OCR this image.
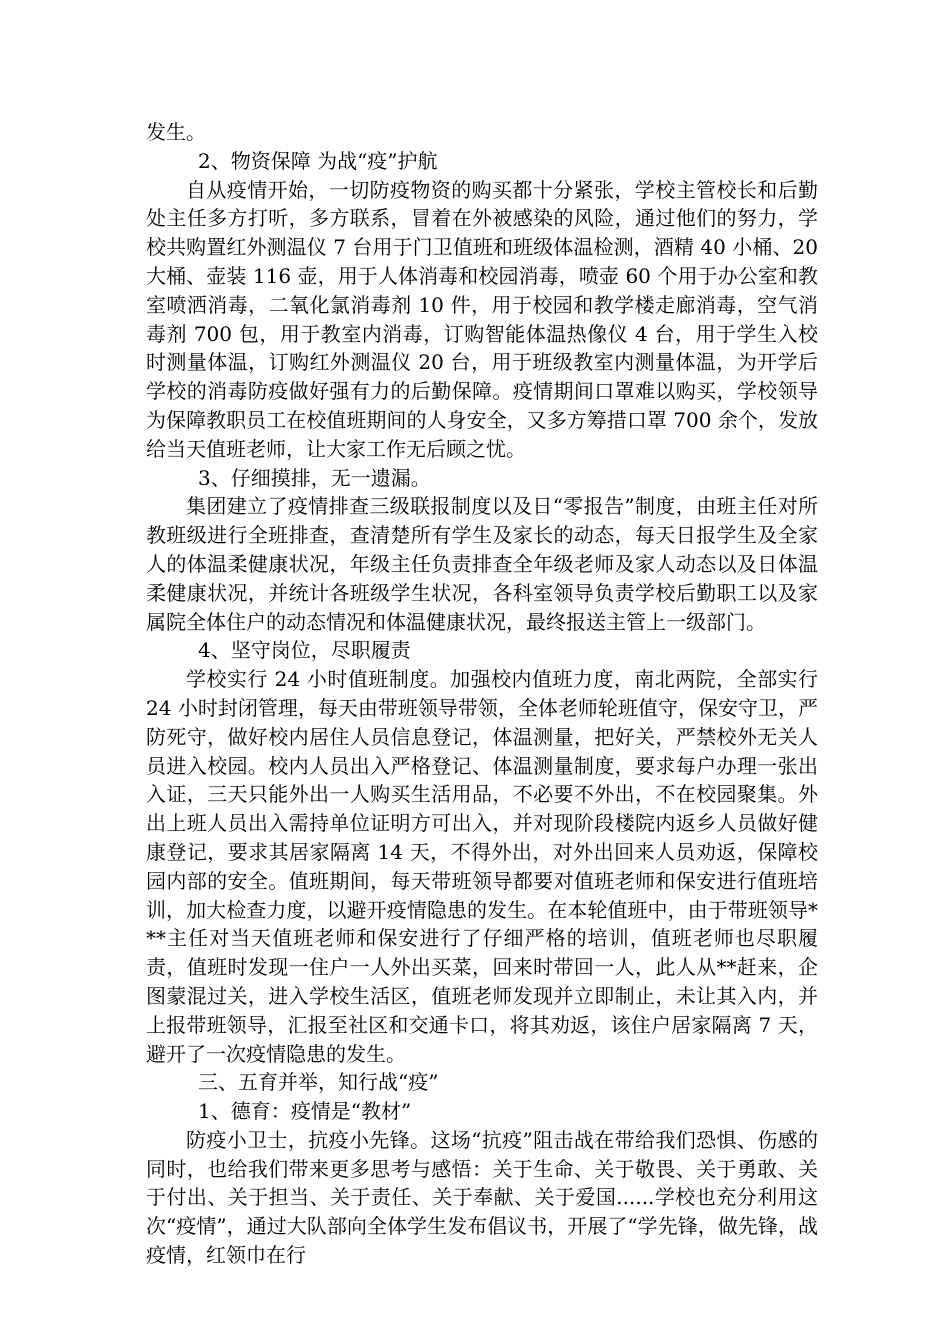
发生。

2、物资保障 为战“疫”护航

自从疫情开始，一切防疫物资的购买都十分紧张，学校主管校长和后勤处主任多方打听，多方联系，冒着在外被感染的风险，通过他们的努力，学校共购置红外测温仪 7 台用于门卫值班和班级体温检测，酒精 40 小桶、20 大桶、壶装 116 壶，用于人体消毒和校园消毒，喷壶 60 个用于办公室和教室喷洒消毒，二氧化氯消毒剂 10 件，用于校园和教学楼走廊消毒，空气消毒剂 700 包，用于教室内消毒，订购智能体温热像仪 4 台，用于学生入校时测量体温，订购红外测温仪 20 台，用于班级教室内测量体温，为开学后学校的消毒防疫做好强有力的后勤保障。疫情期间口罩难以购买，学校领导为保障教职员工在校值班期间的人身安全，又多方筹措口罩 700 余个，发放给当天值班老师，让大家工作无后顾之忧。

3、仔细摸排，无一遗漏。

集团建立了疫情排查三级联报制度以及日“零报告”制度，由班主任对所教班级进行全班排查，查清楚所有学生及家长的动态，每天日报学生及全家人的体温柔健康状况，年级主任负责排查全年级老师及家人动态以及日体温柔健康状况，并统计各班级学生状况，各科室领导负责学校后勤职工以及家属院全体住户的动态情况和体温健康状况，最终报送主管上一级部门。

4、坚守岗位，尽职履责

学校实行 24 小时值班制度。加强校内值班力度，南北两院，全部实行 24 小时封闭管理，每天由带班领导带领，全体老师轮班值守，保安守卫，严防死守，做好校内居住人员信息登记，体温测量，把好关，严禁校外无关人员进入校园。校内人员出入严格登记、体温测量制度，要求每户办理一张出入证，三天只能外出一人购买生活用品，不必要不外出，不在校园聚集。外出上班人员出入需持单位证明方可出入，并对现阶段楼院内返乡人员做好健康登记，要求其居家隔离 14 天，不得外出，对外出回来人员劝返，保障校园内部的安全。值班期间，每天带班领导都要对值班老师和保安进行值班培训，加大检查力度，以避开疫情隐患的发生。在本轮值班中，由于带班领导***主任对当天值班老师和保安进行了仔细严格的培训，值班老师也尽职履责，值班时发现一住户一人外出买菜，回来时带回一人，此人从**赶来，企图蒙混过关，进入学校生活区，值班老师发现并立即制止，未让其入内，并上报带班领导，汇报至社区和交通卡口，将其劝返，该住户居家隔离 7 天，避开了一次疫情隐患的发生。

三、五育并举，知行战“疫”

1、德育：疫情是“教材”

防疫小卫士，抗疫小先锋。这场“抗疫”阻击战在带给我们恐惧、伤感的同时，也给我们带来更多思考与感悟：关于生命、关于敬畏、关于勇敢、关于付出、关于担当、关于责任、关于奉献、关于爱国......学校也充分利用这次“疫情”，通过大队部向全体学生发布倡议书，开展了“学先锋，做先锋，战疫情，红领巾在行
